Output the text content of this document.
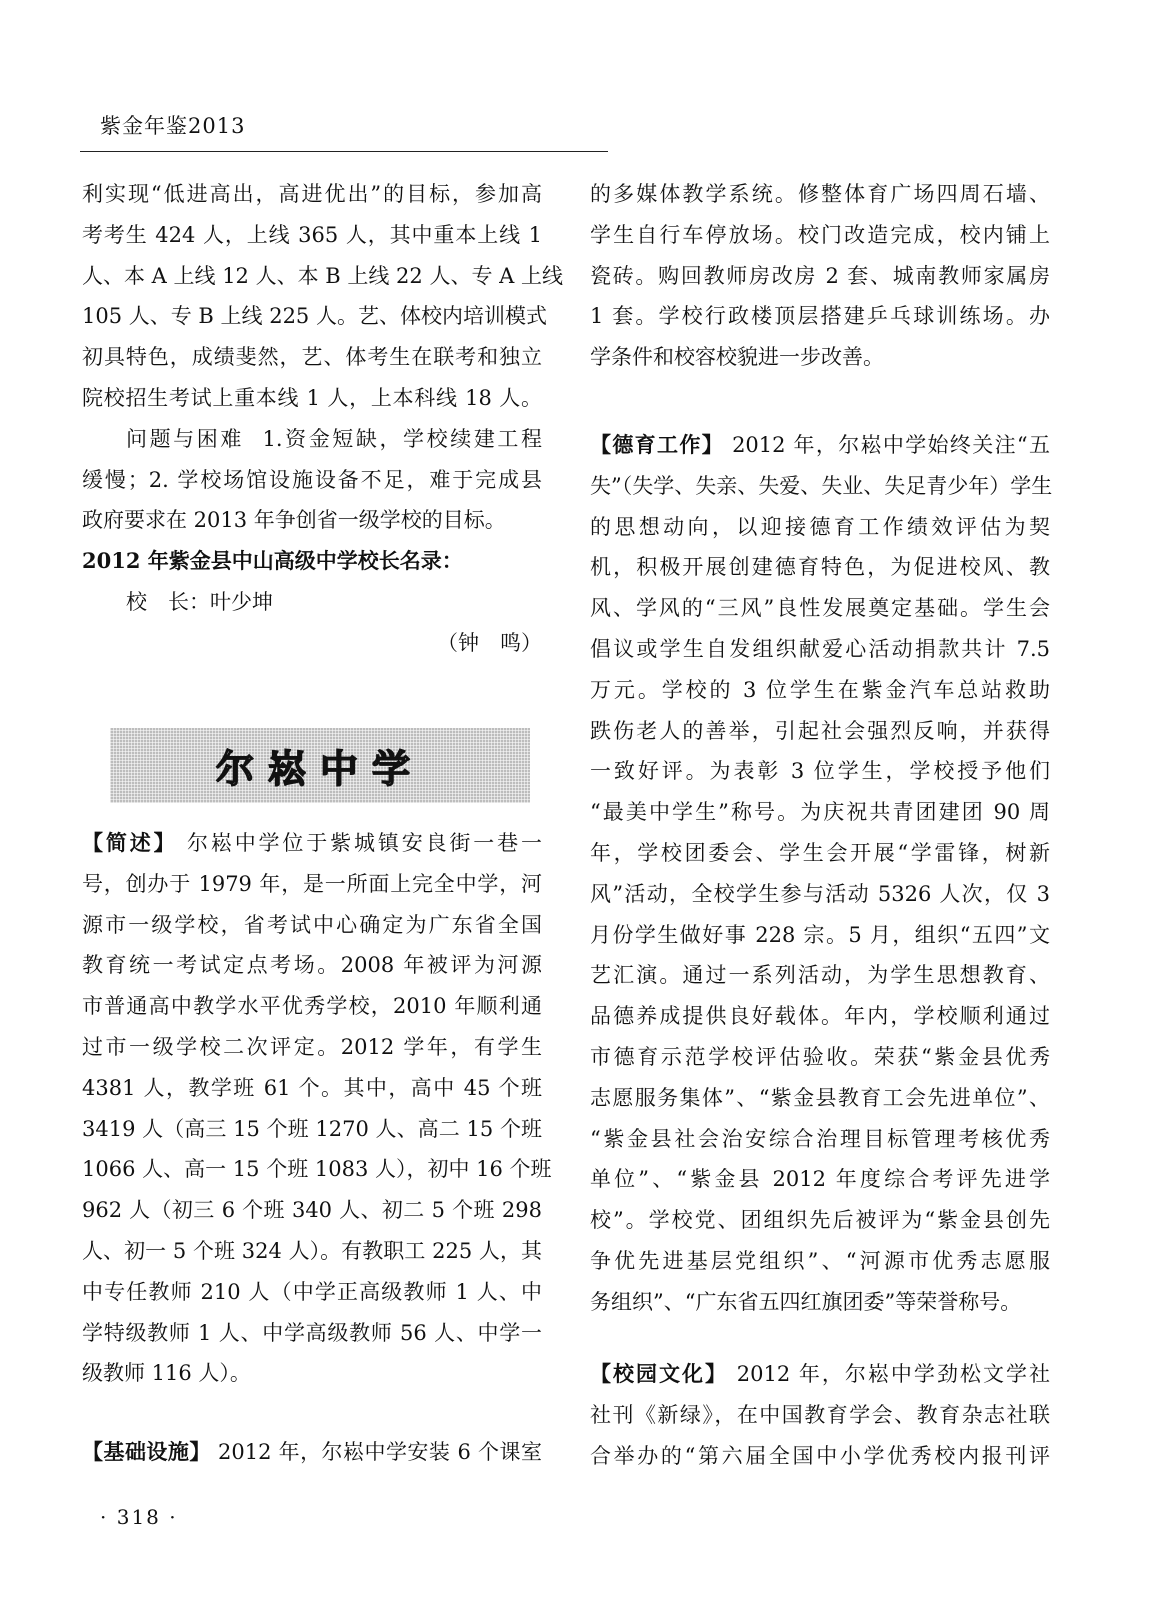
紫金年鉴2013
利实现“低进高出，高进优出”的目标，参加高
考考生 424 人，上线 365 人，其中重本上线 1
人、本 A 上线 12 人、本 B 上线 22 人、专 A 上线
105 人、专 B 上线 225 人。艺、体校内培训模式
初具特色，成绩斐然，艺、体考生在联考和独立
院校招生考试上重本线 1 人，上本科线 18 人。
问题与困难 1.资金短缺，学校续建工程
缓慢；2. 学校场馆设施设备不足，难于完成县
政府要求在 2013 年争创省一级学校的目标。
2012 年紫金县中山高级中学校长名录：
校　长：叶少坤
（钟　鸣）
尔崧中学
【简述】 尔崧中学位于紫城镇安良街一巷一
号，创办于 1979 年，是一所面上完全中学，河
源市一级学校，省考试中心确定为广东省全国
教育统一考试定点考场。2008 年被评为河源
市普通高中教学水平优秀学校，2010 年顺利通
过市一级学校二次评定。2012 学年，有学生
4381 人，教学班 61 个。其中，高中 45 个班
3419 人（高三 15 个班 1270 人、高二 15 个班
1066 人、高一 15 个班 1083 人），初中 16 个班
962 人（初三 6 个班 340 人、初二 5 个班 298
人、初一 5 个班 324 人）。有教职工 225 人，其
中专任教师 210 人（中学正高级教师 1 人、中
学特级教师 1 人、中学高级教师 56 人、中学一
级教师 116 人）。
【基础设施】 2012 年，尔崧中学安装 6 个课室
的多媒体教学系统。修整体育广场四周石墙、
学生自行车停放场。校门改造完成，校内铺上
瓷砖。购回教师房改房 2 套、城南教师家属房
1 套。学校行政楼顶层搭建乒乓球训练场。办
学条件和校容校貌进一步改善。
【德育工作】 2012 年，尔崧中学始终关注“五
失”（失学、失亲、失爱、失业、失足青少年）学生
的思想动向，以迎接德育工作绩效评估为契
机，积极开展创建德育特色，为促进校风、教
风、学风的“三风”良性发展奠定基础。学生会
倡议或学生自发组织献爱心活动捐款共计 7.5
万元。学校的 3 位学生在紫金汽车总站救助
跌伤老人的善举，引起社会强烈反响，并获得
一致好评。为表彰 3 位学生，学校授予他们
“最美中学生”称号。为庆祝共青团建团 90 周
年，学校团委会、学生会开展“学雷锋，树新
风”活动，全校学生参与活动 5326 人次，仅 3
月份学生做好事 228 宗。5 月，组织“五四”文
艺汇演。通过一系列活动，为学生思想教育、
品德养成提供良好载体。年内，学校顺利通过
市德育示范学校评估验收。荣获“紫金县优秀
志愿服务集体”、“紫金县教育工会先进单位”、
“紫金县社会治安综合治理目标管理考核优秀
单位”、“紫金县 2012 年度综合考评先进学
校”。学校党、团组织先后被评为“紫金县创先
争优先进基层党组织”、“河源市优秀志愿服
务组织”、“广东省五四红旗团委”等荣誉称号。
【校园文化】 2012 年，尔崧中学劲松文学社
社刊《新绿》，在中国教育学会、教育杂志社联
合举办的“第六届全国中小学优秀校内报刊评
· 318 ·
